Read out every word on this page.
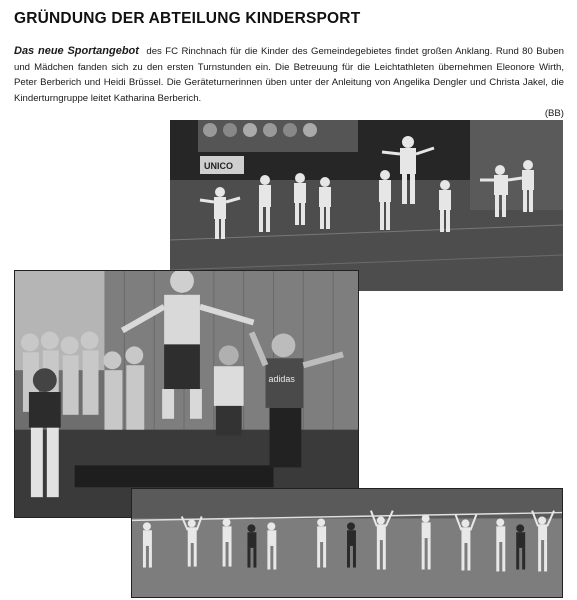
GRÜNDUNG DER ABTEILUNG KINDERSPORT

Das neue Sportangebot des FC Rinchnach für die Kinder des Gemeindegebietes findet großen Anklang. Rund 80 Buben und Mädchen fanden sich zu den ersten Turnstunden ein. Die Betreuung für die Leichtathleten übernehmen Eleonore Wirth, Peter Berberich und Heidi Brüssel. Die Geräteturnerinnen üben unter der Anleitung von Angelika Dengler und Christa Jakel, die Kinderturngruppe leitet Katharina Berberich.
(BB)

UNICO
adidas
